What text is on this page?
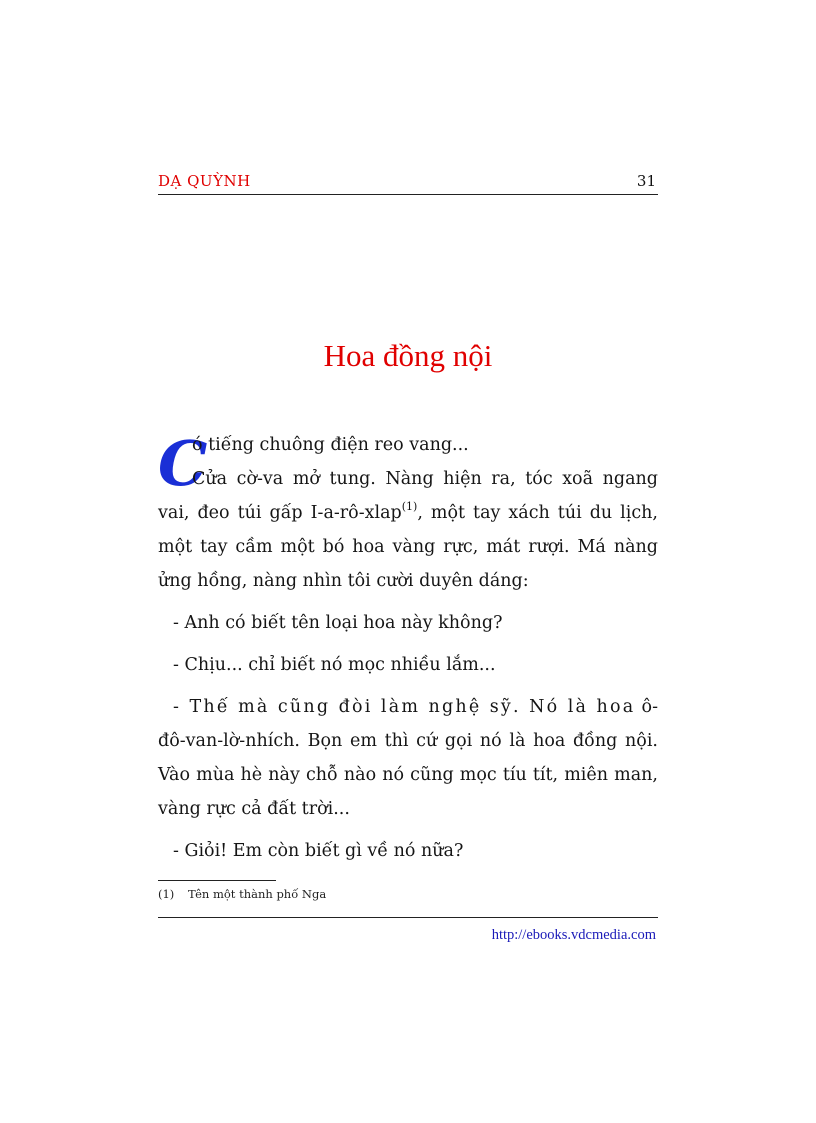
DẠ QUỲNH	31
Hoa đồng nội

C
ó tiếng chuông điện reo vang...
Cửa cờ-va mở tung. Nàng hiện ra, tóc xoã ngang vai, đeo túi gấp I-a-rô-xlap$^{(1)}$, một tay xách túi du lịch, một tay cầm một bó hoa vàng rực, mát rượi. Má nàng ửng hồng, nàng nhìn tôi cười duyên dáng:

- Anh có biết tên loại hoa này không?

- Chịu... chỉ biết nó mọc nhiều lắm...

- Thế mà cũng đòi làm nghệ sỹ. Nó là hoa ô-đô-van-lờ-nhích. Bọn em thì cứ gọi nó là hoa đồng nội. Vào mùa hè này chỗ nào nó cũng mọc tíu tít, miên man, vàng rực cả đất trời...

- Giỏi! Em còn biết gì về nó nữa?

(1) Tên một thành phố Nga
http://ebooks.vdcmedia.com
